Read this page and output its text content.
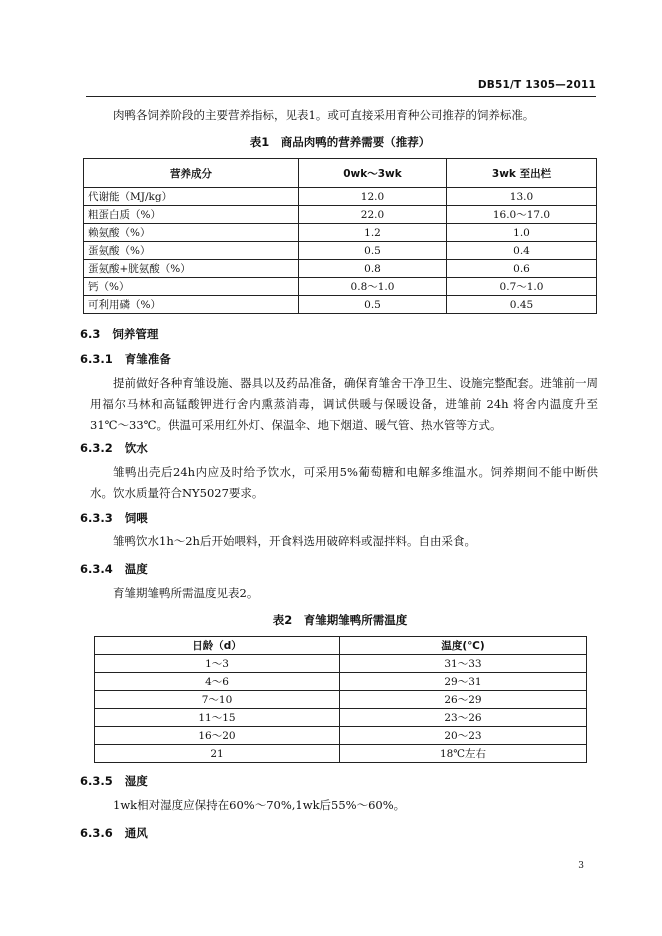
DB51/T 1305—2011
肉鸭各饲养阶段的主要营养指标，见表1。或可直接采用育种公司推荐的饲养标准。
表1　商品肉鸭的营养需要（推荐）
营养成分	0wk～3wk	3wk 至出栏
代谢能（MJ/kg）	12.0	13.0
粗蛋白质（%）	22.0	16.0～17.0
赖氨酸（%）	1.2	1.0
蛋氨酸（%）	0.5	0.4
蛋氨酸+胱氨酸（%）	0.8	0.6
钙（%）	0.8～1.0	0.7～1.0
可利用磷（%）	0.5	0.45
6.3 饲养管理
6.3.1 育雏准备
提前做好各种育雏设施、器具以及药品准备，确保育雏舍干净卫生、设施完整配套。进雏前一周用福尔马林和高锰酸钾进行舍内熏蒸消毒，调试供暖与保暖设备，进雏前 24h 将舍内温度升至 31℃～33℃。供温可采用红外灯、保温伞、地下烟道、暖气管、热水管等方式。
6.3.2 饮水
雏鸭出壳后24h内应及时给予饮水，可采用5%葡萄糖和电解多维温水。饲养期间不能中断供水。饮水质量符合NY5027要求。
6.3.3 饲喂
雏鸭饮水1h～2h后开始喂料，开食料选用破碎料或湿拌料。自由采食。
6.3.4 温度
育雏期雏鸭所需温度见表2。
表2　育雏期雏鸭所需温度
日龄（d）	温度(℃)
1～3	31～33
4～6	29～31
7～10	26～29
11～15	23～26
16～20	20～23
21	18℃左右
6.3.5 湿度
1wk相对湿度应保持在60%～70%,1wk后55%～60%。
6.3.6 通风
3
